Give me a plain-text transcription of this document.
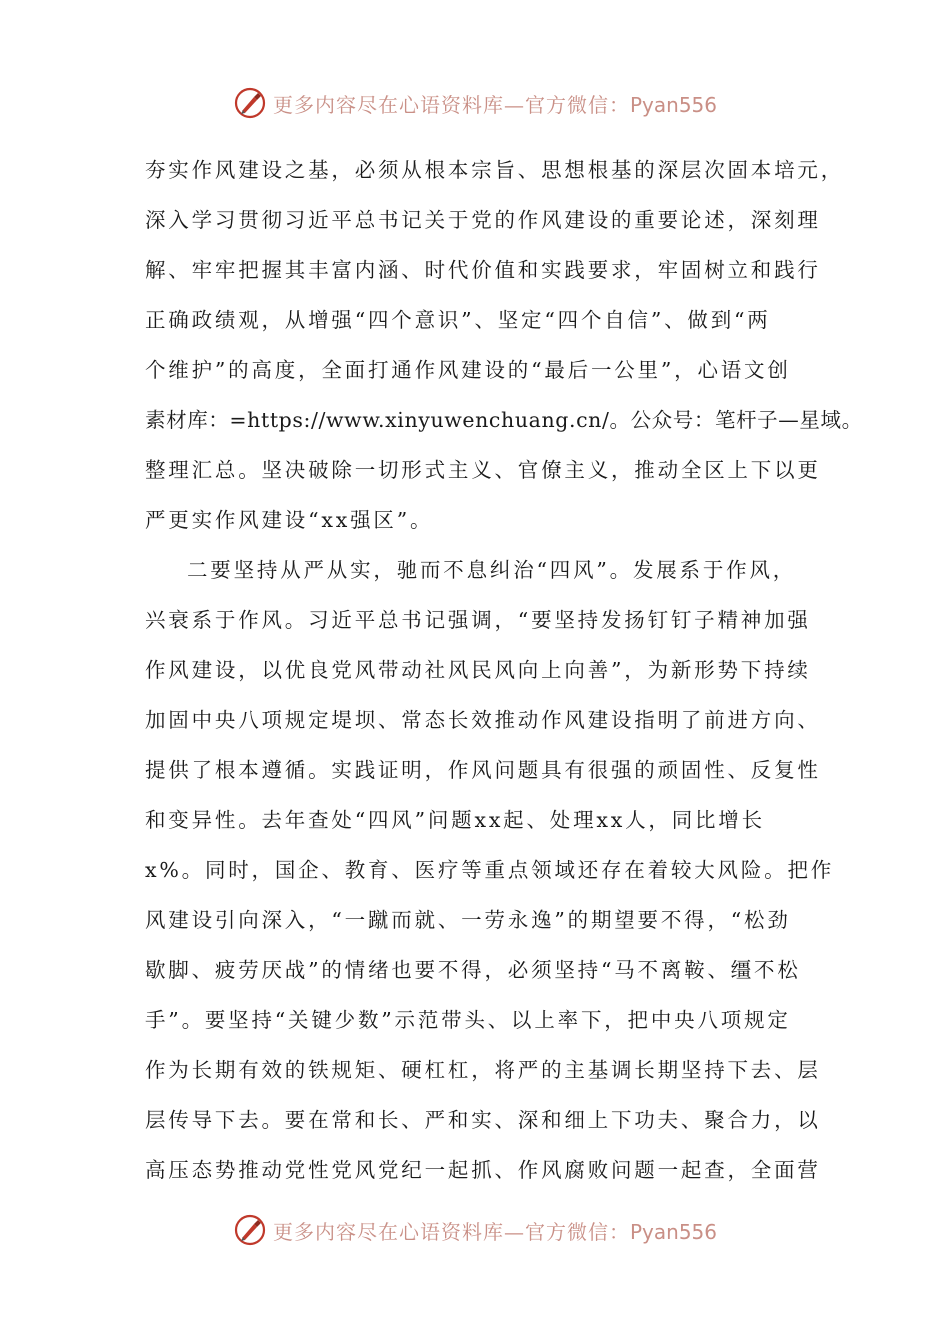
更多内容尽在心语资料库—官方微信：Pyan556
夯实作风建设之基，必须从根本宗旨、思想根基的深层次固本培元，
深入学习贯彻习近平总书记关于党的作风建设的重要论述，深刻理
解、牢牢把握其丰富内涵、时代价值和实践要求，牢固树立和践行
正确政绩观，从增强“四个意识”、坚定“四个自信”、做到“两
个维护”的高度，全面打通作风建设的“最后一公里”，心语文创
素材库：=https://www.xinyuwenchuang.cn/。公众号：笔杆子—星域。
整理汇总。坚决破除一切形式主义、官僚主义，推动全区上下以更
严更实作风建设“xx强区”。
二要坚持从严从实，驰而不息纠治“四风”。发展系于作风，
兴衰系于作风。习近平总书记强调，“要坚持发扬钉钉子精神加强
作风建设，以优良党风带动社风民风向上向善”，为新形势下持续
加固中央八项规定堤坝、常态长效推动作风建设指明了前进方向、
提供了根本遵循。实践证明，作风问题具有很强的顽固性、反复性
和变异性。去年查处“四风”问题xx起、处理xx人，同比增长
x%。同时，国企、教育、医疗等重点领域还存在着较大风险。把作
风建设引向深入，“一蹴而就、一劳永逸”的期望要不得，“松劲
歇脚、疲劳厌战”的情绪也要不得，必须坚持“马不离鞍、缰不松
手”。要坚持“关键少数”示范带头、以上率下，把中央八项规定
作为长期有效的铁规矩、硬杠杠，将严的主基调长期坚持下去、层
层传导下去。要在常和长、严和实、深和细上下功夫、聚合力，以
高压态势推动党性党风党纪一起抓、作风腐败问题一起查，全面营
更多内容尽在心语资料库—官方微信：Pyan556
